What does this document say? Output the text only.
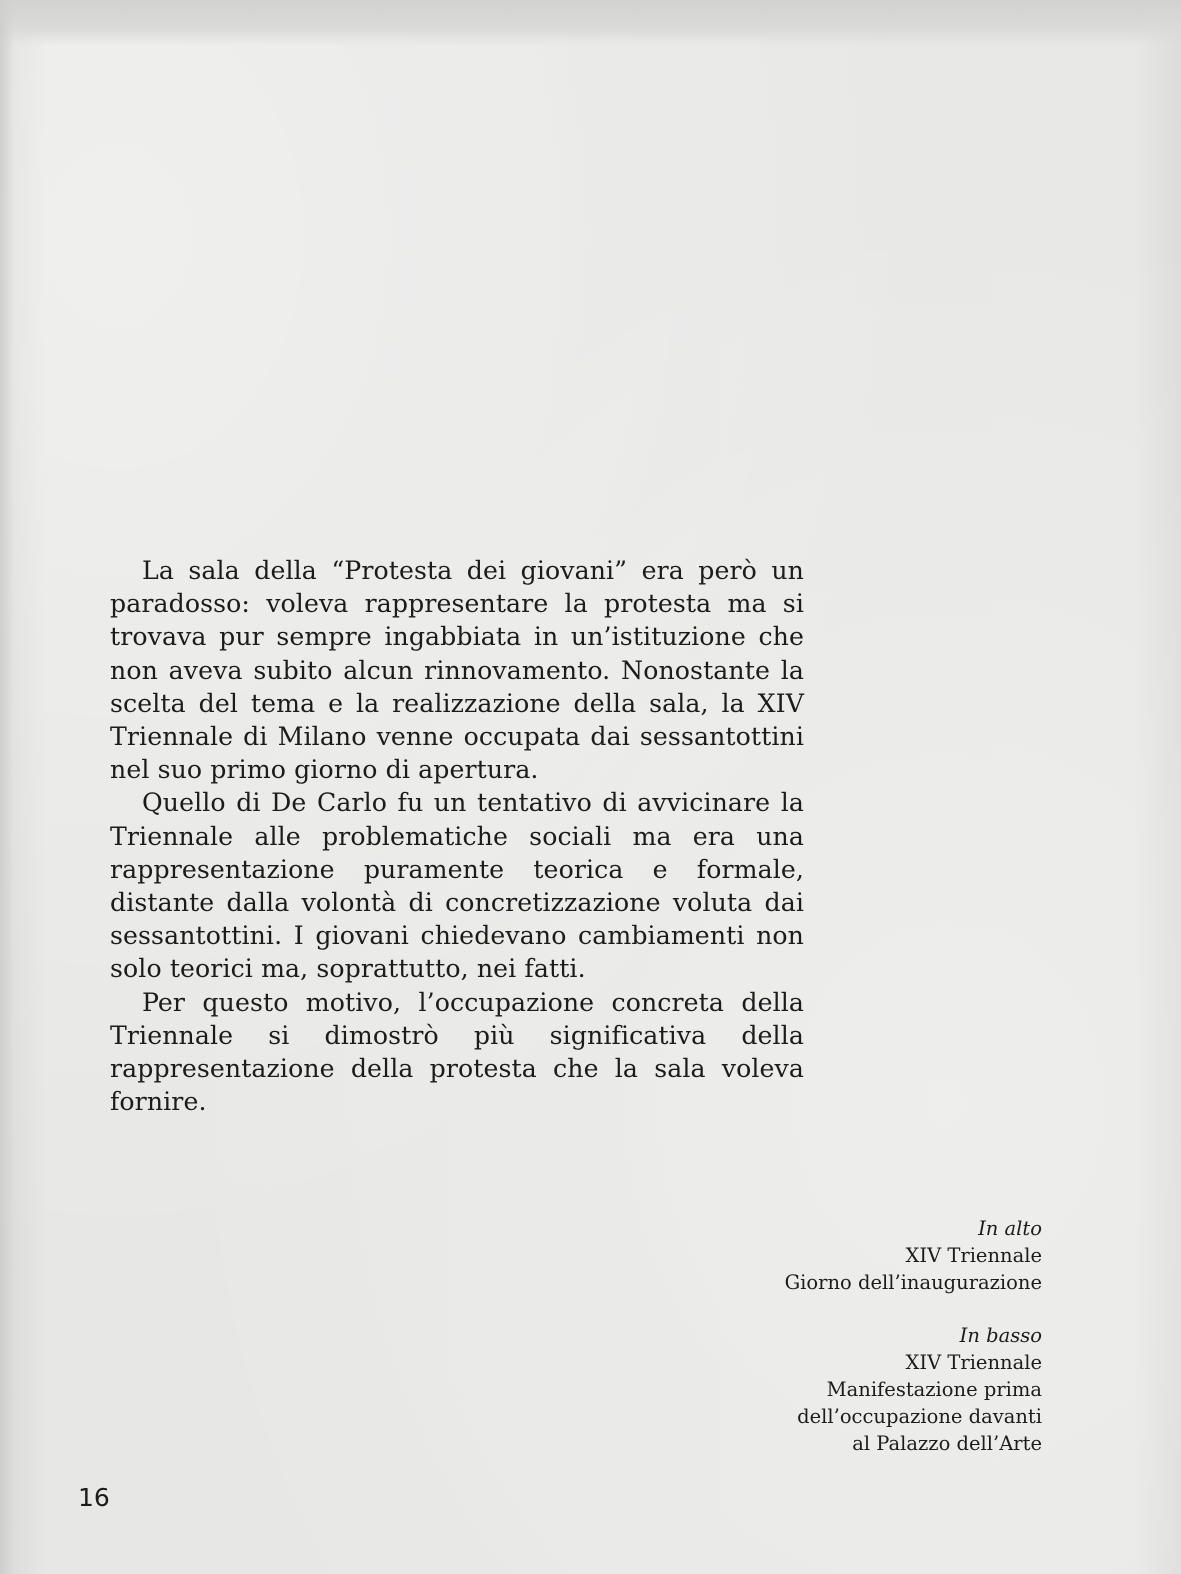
La sala della “Protesta dei giovani” era però un paradosso: voleva rappresentare la protesta ma si trovava pur sempre ingabbiata in un’istituzione che non aveva subito alcun rinnovamento. Nonostante la scelta del tema e la realizzazione della sala, la XIV Triennale di Milano venne occupata dai sessantottini nel suo primo giorno di apertura.

Quello di De Carlo fu un tentativo di avvicinare la Triennale alle problematiche sociali ma era una rappresentazione puramente teorica e formale, distante dalla volontà di concretizzazione voluta dai sessantottini. I giovani chiedevano cambiamenti non solo teorici ma, soprattutto, nei fatti.

Per questo motivo, l’occupazione concreta della Triennale si dimostrò più significativa della rappresentazione della protesta che la sala voleva fornire.

In alto
XIV Triennale
Giorno dell’inaugurazione
In basso
XIV Triennale
Manifestazione prima
dell’occupazione davanti
al Palazzo dell’Arte
16
